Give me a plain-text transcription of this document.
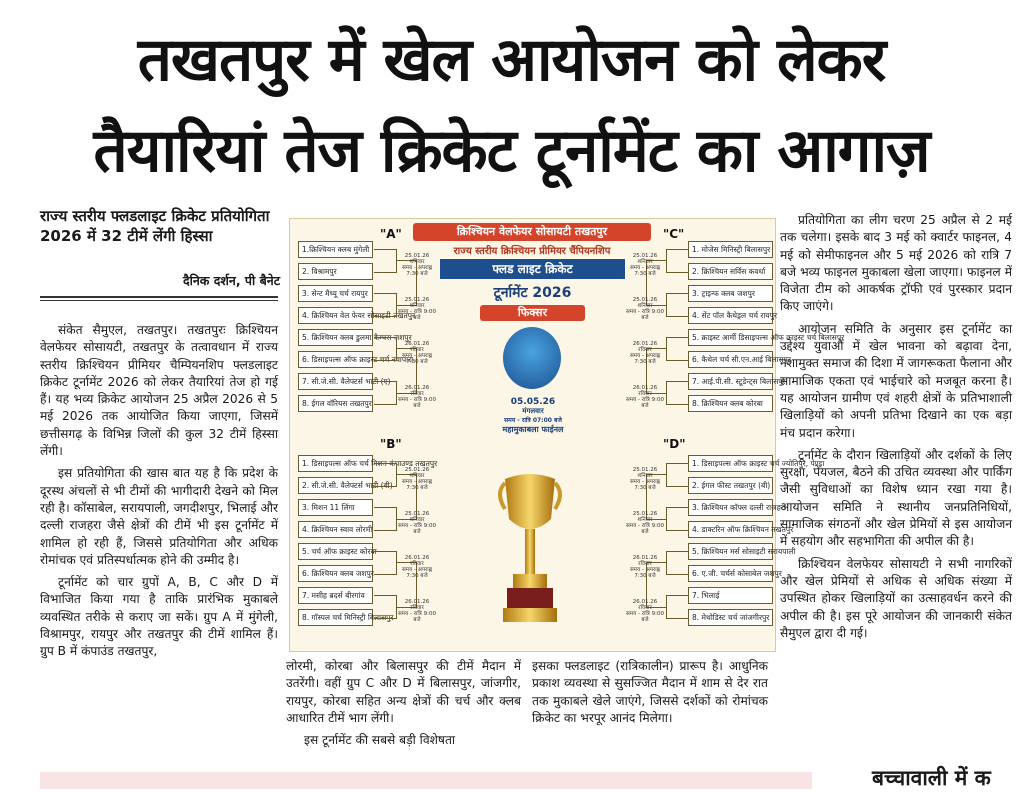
तखतपुर में खेल आयोजन को लेकर
तैयारियां तेज क्रिकेट टूर्नामेंट का आगाज़
राज्य स्तरीय फ्लडलाइट क्रिकेट प्रतियोगिता 2026 में 32 टीमें लेंगी हिस्सा
दैनिक दर्शन, पी बैनेट

संकेत सैमुएल, तखतपुर। तखतपुरः क्रिश्चियन वेलफेयर सोसायटी, तखतपुर के तत्वावधान में राज्य स्तरीय क्रिश्चियन प्रीमियर चैम्पियनशिप फ्लडलाइट क्रिकेट टूर्नामेंट 2026 को लेकर तैयारियां तेज हो गई हैं। यह भव्य क्रिकेट आयोजन 25 अप्रैल 2026 से 5 मई 2026 तक आयोजित किया जाएगा, जिसमें छत्तीसगढ़ के विभिन्न जिलों की कुल 32 टीमें हिस्सा लेंगी।

इस प्रतियोगिता की खास बात यह है कि प्रदेश के दूरस्थ अंचलों से भी टीमों की भागीदारी देखने को मिल रही है। कॉसाबेल, सरायपाली, जगदीशपुर, भिलाई और दल्ली राजहरा जैसे क्षेत्रों की टीमें भी इस टूर्नामेंट में शामिल हो रही हैं, जिससे प्रतियोगिता और अधिक रोमांचक एवं प्रतिस्पर्धात्मक होने की उम्मीद है।

टूर्नामेंट को चार ग्रुपों A, B, C और D में विभाजित किया गया है ताकि प्रारंभिक मुकाबले व्यवस्थित तरीके से कराए जा सकें। ग्रुप A में मुंगेली, विश्रामपुर, रायपुर और तखतपुर की टीमें शामिल हैं। ग्रुप B में कंपाउंड तखतपुर,

लोरमी, कोरबा और बिलासपुर की टीमें मैदान में उतरेंगी। वहीं ग्रुप C और D में बिलासपुर, जांजगीर, रायपुर, कोरबा सहित अन्य क्षेत्रों की चर्च और क्लब आधारित टीमें भाग लेंगी।

इस टूर्नामेंट की सबसे बड़ी विशेषता

इसका फ्लडलाइट (रात्रिकालीन) प्रारूप है। आधुनिक प्रकाश व्यवस्था से सुसज्जित मैदान में शाम से देर रात तक मुकाबले खेले जाएंगे, जिससे दर्शकों को रोमांचक क्रिकेट का भरपूर आनंद मिलेगा।

प्रतियोगिता का लीग चरण 25 अप्रैल से 2 मई तक चलेगा। इसके बाद 3 मई को क्वार्टर फाइनल, 4 मई को सेमीफाइनल और 5 मई 2026 को रात्रि 7 बजे भव्य फाइनल मुकाबला खेला जाएगा। फाइनल में विजेता टीम को आकर्षक ट्रॉफी एवं पुरस्कार प्रदान किए जाएंगे।

आयोजन समिति के अनुसार इस टूर्नामेंट का उद्देश्य युवाओं में खेल भावना को बढ़ावा देना, नशामुक्त समाज की दिशा में जागरूकता फैलाना और सामाजिक एकता एवं भाईचारे को मजबूत करना है। यह आयोजन ग्रामीण एवं शहरी क्षेत्रों के प्रतिभाशाली खिलाड़ियों को अपनी प्रतिभा दिखाने का एक बड़ा मंच प्रदान करेगा।

टूर्नामेंट के दौरान खिलाड़ियों और दर्शकों के लिए सुरक्षा, पेयजल, बैठने की उचित व्यवस्था और पार्किंग जैसी सुविधाओं का विशेष ध्यान रखा गया है। आयोजन समिति ने स्थानीय जनप्रतिनिधियों, सामाजिक संगठनों और खेल प्रेमियों से इस आयोजन में सहयोग और सहभागिता की अपील की है।

क्रिश्चियन वेलफेयर सोसायटी ने सभी नागरिकों और खेल प्रेमियों से अधिक से अधिक संख्या में उपस्थित होकर खिलाड़ियों का उत्साहवर्धन करने की अपील की है। इस पूरे आयोजन की जानकारी संकेत सैमुएल द्वारा दी गई।

क्रिश्चियन वेलफेयर सोसायटी तखतपुर
राज्य स्तरीय क्रिश्चियन प्रीमियर चैंपियनशिप
फ्लड लाइट क्रिकेट
टूर्नामेंट 2026
फिक्सर
05.05.26
मंगलवार
समय - रात्रि 07:00 बजे
महामुकाबला फाईनल
"A"	"C"
"B"	"D"
1.क्रिश्चियन क्लब मुंगेली
2. विश्रामपुर
3. सेन्ट मैथ्यू चर्च रायपुर
4. क्रिश्चियन वेल फेयर सोसाइटी तखतपुर
5. क्रिश्चियन क्लब डुलमा कैम्पस जशपुर
6. डिसाइपल्स ऑफ क्राइस्ट चर्च नवापारा
7. सी.जे.सी. वैलेफ्टर्स भाटी (ए)
8. ईगल वॉरियस तखतपुर
25.01.26
शनिवार
समय - अपराह्न 7:30 बजे
25.01.26
शनिवार
समय - रात्रि 9:00 बजे
26.01.26
रविवार
समय - अपराह्न 7:30 बजे
26.01.26
रविवार
समय - रात्रि 9:00 बजे
1. डिसाइपल्स ऑफ चर्च मिशन कंपाउण्ड तखतपुर
2. सी.जे.सी. वैलेफ्टर्स भाटी (बी)
3. मिशन 11 लिंगा
4. क्रिश्चियन स्वाव लोरमी
5. चर्च ऑफ क्राइस्ट कोरबा
6. क्रिश्चियन क्लब जशपुर
7. मसीह ब्रदर्स बीरगांव
8. गॉस्पल चर्च मिनिस्ट्री बिलासपुर
25.01.26
शनिवार
समय - अपराह्न 7:30 बजे
25.01.26
शनिवार
समय - रात्रि 9:00 बजे
26.01.26
रविवार
समय - अपराह्न 7:30 बजे
26.01.26
रविवार
समय - रात्रि 9:00 बजे
1. मोजेस मिनिस्ट्री बिलासपुर
2. क्रिश्चियन सर्विस कवर्धा
3. ट्राइन्फ क्लब जशपुर
4. सेंट पॉल कैथेड्रल चर्च रायपुर
5. क्राइस्ट आर्मी डिसाइपल्स ऑफ क्राइस्ट चर्च बिलासपुर
6. कैथेल चर्च सी.एन.आई बिलासपुर
7. आई.पी.सी. स्टूडेन्ट्स बिलासपुर
8. क्रिश्चियन क्लब कोरबा
25.01.26
शनिवार
समय - अपराह्न 7:30 बजे
25.01.26
शनिवार
समय - रात्रि 9:00 बजे
26.01.26
रविवार
समय - अपराह्न 7:30 बजे
26.01.26
रविवार
समय - रात्रि 9:00 बजे
1. डिसाइपल्स ऑफ क्राइस्ट चर्च ज्योतिपुर, पेण्ड्रा
2. ईगल फीस्ट तखतपुर (बी)
3. क्रिश्चियन कॉफ्ल दल्ली राजहरा
4. डाक्टरिन ऑफ क्रिश्चियन तखतपुर
5. क्रिश्चियन मर्स सोसाइटी सरायपाली
6. ए.जी. चर्चर्स कोसाबेल जशपुर
7. भिलाई
8. मेथोडिस्ट चर्च जांजगीरपुर
25.01.26
शनिवार
समय - अपराह्न 7:30 बजे
25.01.26
शनिवार
समय - रात्रि 9:00 बजे
26.01.26
रविवार
समय - अपराह्न 7:30 बजे
26.01.26
रविवार
समय - रात्रि 9:00 बजे
बच्चावाली में क
